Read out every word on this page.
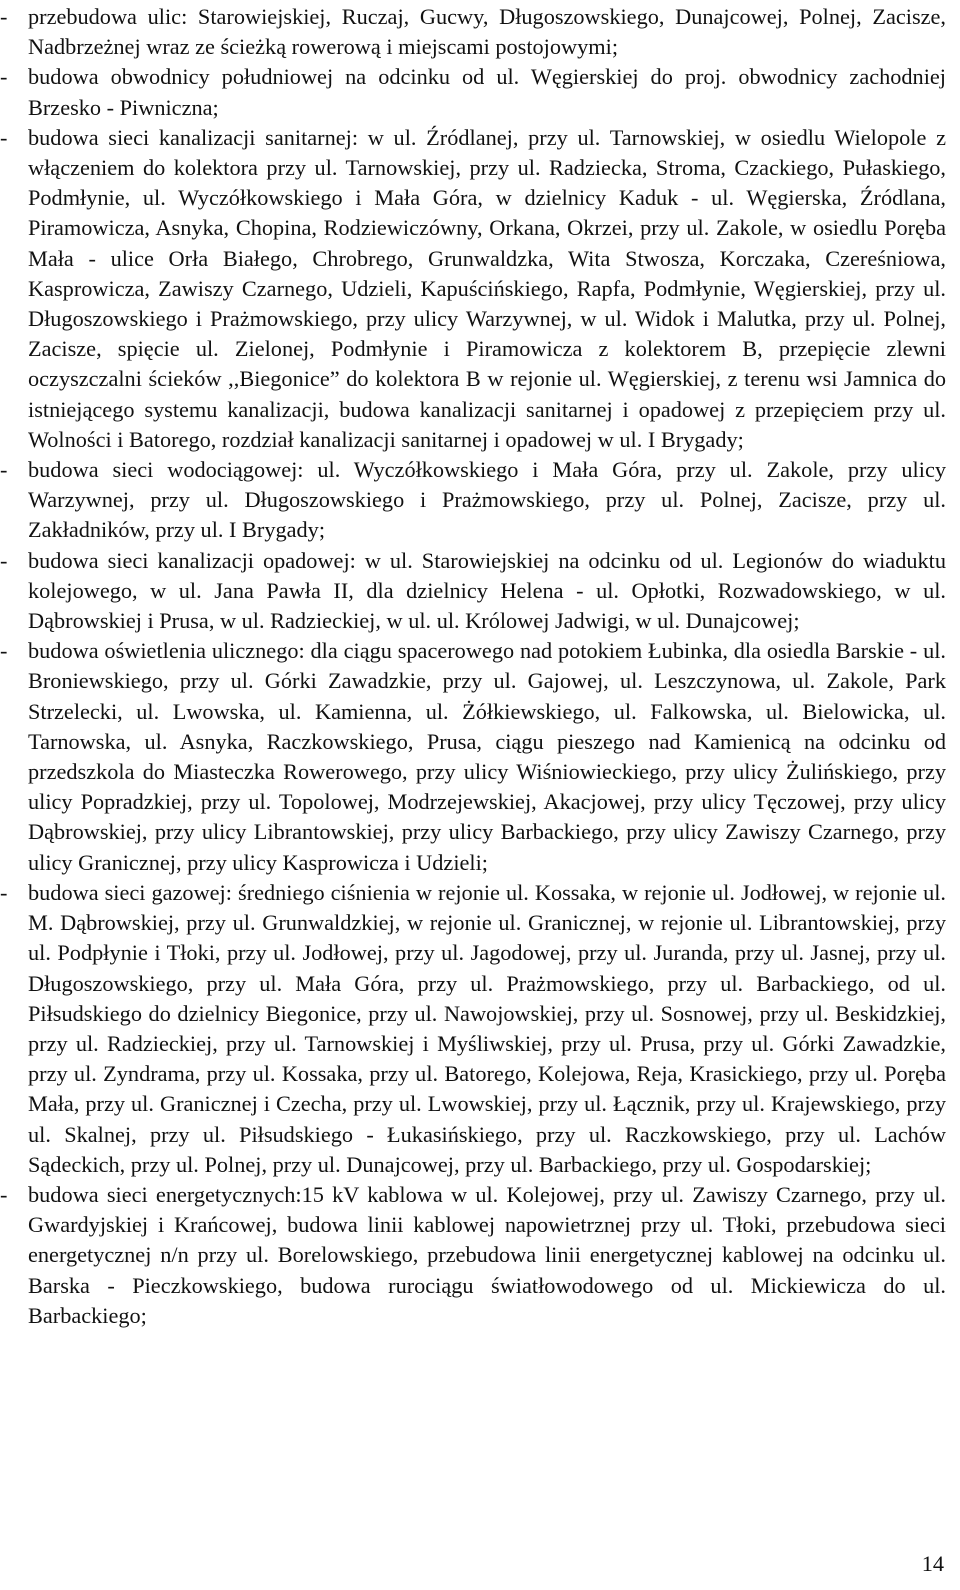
- przebudowa ulic: Starowiejskiej, Ruczaj, Gucwy, Długoszowskiego, Dunajcowej, Polnej, Zacisze, Nadbrzeżnej wraz ze ścieżką rowerową i miejscami postojowymi;
- budowa obwodnicy południowej na odcinku od ul. Węgierskiej do proj. obwodnicy zachodniej Brzesko - Piwniczna;
- budowa sieci kanalizacji sanitarnej: w ul. Źródlanej, przy ul. Tarnowskiej, w osiedlu Wielopole z włączeniem do kolektora przy ul. Tarnowskiej, przy ul. Radziecka, Stroma, Czackiego, Pułaskiego, Podmłynie, ul. Wyczółkowskiego i Mała Góra, w dzielnicy Kaduk - ul. Węgierska, Źródlana, Piramowicza, Asnyka, Chopina, Rodziewiczówny, Orkana, Okrzei, przy ul. Zakole, w osiedlu Poręba Mała - ulice Orła Białego, Chrobrego, Grunwaldzka, Wita Stwosza, Korczaka, Czereśniowa, Kasprowicza, Zawiszy Czarnego, Udzieli, Kapuścińskiego, Rapfa, Podmłynie, Węgierskiej, przy ul. Długoszowskiego i Prażmowskiego, przy ulicy Warzywnej, w ul. Widok i Malutka, przy ul. Polnej, Zacisze, spięcie ul. Zielonej, Podmłynie i Piramowicza z kolektorem B, przepięcie zlewni oczyszczalni ścieków ,,Biegonice” do kolektora B w rejonie ul. Węgierskiej, z terenu wsi Jamnica do istniejącego systemu kanalizacji, budowa kanalizacji sanitarnej i opadowej z przepięciem przy ul. Wolności i Batorego, rozdział kanalizacji sanitarnej i opadowej w ul. I Brygady;
- budowa sieci wodociągowej: ul. Wyczółkowskiego i Mała Góra, przy ul. Zakole, przy ulicy Warzywnej, przy ul. Długoszowskiego i Prażmowskiego, przy ul. Polnej, Zacisze, przy ul. Zakładników, przy ul. I Brygady;
- budowa sieci kanalizacji opadowej: w ul. Starowiejskiej na odcinku od ul. Legionów do wiaduktu kolejowego, w ul. Jana Pawła II, dla dzielnicy Helena - ul. Opłotki, Rozwadowskiego, w ul. Dąbrowskiej i Prusa, w ul. Radzieckiej, w ul. ul. Królowej Jadwigi, w ul. Dunajcowej;
- budowa oświetlenia ulicznego: dla ciągu spacerowego nad potokiem Łubinka, dla osiedla Barskie - ul. Broniewskiego, przy ul. Górki Zawadzkie, przy ul. Gajowej, ul. Leszczynowa, ul. Zakole, Park Strzelecki, ul. Lwowska, ul. Kamienna, ul. Żółkiewskiego, ul. Falkowska, ul. Bielowicka, ul. Tarnowska, ul. Asnyka, Raczkowskiego, Prusa, ciągu pieszego nad Kamienicą na odcinku od przedszkola do Miasteczka Rowerowego, przy ulicy Wiśniowieckiego, przy ulicy Żulińskiego, przy ulicy Popradzkiej, przy ul. Topolowej, Modrzejewskiej, Akacjowej, przy ulicy Tęczowej, przy ulicy Dąbrowskiej, przy ulicy Librantowskiej, przy ulicy Barbackiego, przy ulicy Zawiszy Czarnego, przy ulicy Granicznej, przy ulicy Kasprowicza i Udzieli;
- budowa sieci gazowej: średniego ciśnienia w rejonie ul. Kossaka, w rejonie ul. Jodłowej, w rejonie ul. M. Dąbrowskiej, przy ul. Grunwaldzkiej, w rejonie ul. Granicznej, w rejonie ul. Librantowskiej, przy ul. Podpłynie i Tłoki, przy ul. Jodłowej, przy ul. Jagodowej, przy ul. Juranda, przy ul. Jasnej, przy ul. Długoszowskiego, przy ul. Mała Góra, przy ul. Prażmowskiego, przy ul. Barbackiego, od ul. Piłsudskiego do dzielnicy Biegonice, przy ul. Nawojowskiej, przy ul. Sosnowej, przy ul. Beskidzkiej, przy ul. Radzieckiej, przy ul. Tarnowskiej i Myśliwskiej, przy ul. Prusa, przy ul. Górki Zawadzkie, przy ul. Zyndrama, przy ul. Kossaka, przy ul. Batorego, Kolejowa, Reja, Krasickiego, przy ul. Poręba Mała, przy ul. Granicznej i Czecha, przy ul. Lwowskiej, przy ul. Łącznik, przy ul. Krajewskiego, przy ul. Skalnej, przy ul. Piłsudskiego - Łukasińskiego, przy ul. Raczkowskiego, przy ul. Lachów Sądeckich, przy ul. Polnej, przy ul. Dunajcowej, przy ul. Barbackiego, przy ul. Gospodarskiej;
- budowa sieci energetycznych:15 kV kablowa w ul. Kolejowej, przy ul. Zawiszy Czarnego, przy ul. Gwardyjskiej i Krańcowej, budowa linii kablowej napowietrznej przy ul. Tłoki, przebudowa sieci energetycznej n/n przy ul. Borelowskiego, przebudowa linii energetycznej kablowej na odcinku ul. Barska - Pieczkowskiego, budowa rurociągu światłowodowego od ul. Mickiewicza do ul. Barbackiego;
14
